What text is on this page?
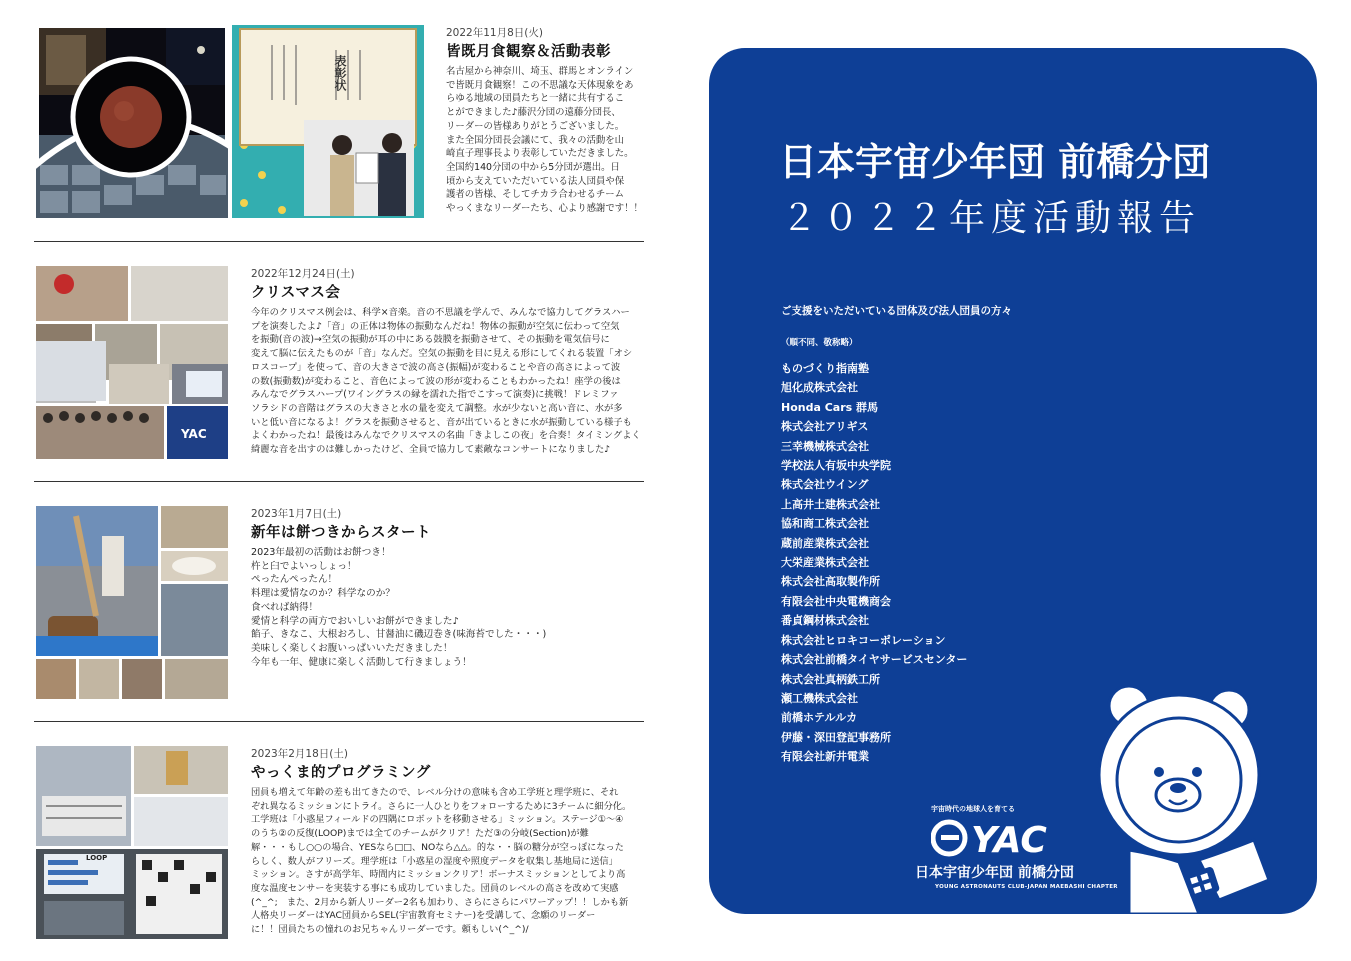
表彰状
2022年11月8日(火)
皆既月食観察＆活動表彰
名古屋から神奈川、埼玉、群馬とオンライン
で皆既月食観察！この不思議な天体現象をあ
らゆる地域の団員たちと一緒に共有するこ
とができました♪藤沢分団の遠藤分団長、
リーダーの皆様ありがとうございました。
また全国分団長会議にて、我々の活動を山
崎直子理事長より表彰していただきました。
全国約140分団の中から5分団が選出。日
頃から支えていただいている法人団員や保
護者の皆様、そしてチカラ合わせるチーム
やっくまなリーダーたち、心より感謝です！！
YAC
2022年12月24日(土)
クリスマス会
今年のクリスマス例会は、科学×音楽。音の不思議を学んで、みんなで協力してグラスハー
プを演奏したよ♪「音」の正体は物体の振動なんだね！物体の振動が空気に伝わって空気
を振動(音の波)→空気の振動が耳の中にある鼓膜を振動させて、その振動を電気信号に
変えて脳に伝えたものが「音」なんだ。空気の振動を目に見える形にしてくれる装置「オシ
ロスコープ」を使って、音の大きさで波の高さ(振幅)が変わることや音の高さによって波
の数(振動数)が変わること、音色によって波の形が変わることもわかったね！座学の後は
みんなでグラスハープ(ワイングラスの縁を濡れた指でこすって演奏)に挑戦！ドレミファ
ソラシドの音階はグラスの大きさと水の量を変えて調整。水が少ないと高い音に、水が多
いと低い音になるよ！グラスを振動させると、音が出ているときに水が振動している様子も
よくわかったね！最後はみんなでクリスマスの名曲「きよしこの夜」を合奏！タイミングよく
綺麗な音を出すのは難しかったけど、全員で協力して素敵なコンサートになりました♪
2023年1月7日(土)
新年は餅つきからスタート
2023年最初の活動はお餅つき！
杵と臼でよいっしょっ！
ぺったんぺったん！
料理は愛情なのか？科学なのか？
食べれば納得！
愛情と科学の両方でおいしいお餅ができました♪
餡子、きなこ、大根おろし、甘醤油に磯辺巻き(味海苔でした・・・)
美味しく楽しくお腹いっぱいいただきました！
今年も一年、健康に楽しく活動して行きましょう！
LOOP
2023年2月18日(土)
やっくま的プログラミング
団員も増えて年齢の差も出てきたので、レベル分けの意味も含め工学班と理学班に、それ
ぞれ異なるミッションにトライ。さらに一人ひとりをフォローするために3チームに細分化。
工学班は「小惑星フィールドの四隅にロボットを移動させる」ミッション。ステージ①～④
のうち②の反復(LOOP)までは全てのチームがクリア！ただ③の分岐(Section)が難
解・・・もし○○の場合、YESなら□□、NOなら△△。的な・・脳の糖分が空っぽになった
らしく、数人がフリーズ。理学班は「小惑星の湿度や照度データを収集し基地局に送信」
ミッション。さすが高学年、時間内にミッションクリア！ボーナスミッションとしてより高
度な温度センサーを実装する事にも成功していました。団員のレベルの高さを改めて実感
(^_^;　また、2月から新人リーダー2名も加わり、さらにさらにパワーアップ！！しかも新
人格央リーダーはYAC団員からSEL(宇宙教育セミナー)を受講して、念願のリーダー
に！！団員たちの憧れのお兄ちゃんリーダーです。頼もしい(^_^)/
日本宇宙少年団 前橋分団
２０２２年度活動報告
ご支援をいただいている団体及び法人団員の方々
（順不同、敬称略）
ものづくり指南塾
旭化成株式会社
Honda Cars 群馬
株式会社アリギス
三幸機械株式会社
学校法人有坂中央学院
株式会社ウイング
上高井土建株式会社
協和商工株式会社
蔵前産業株式会社
大栄産業株式会社
株式会社高取製作所
有限会社中央電機商会
番貞鋼材株式会社
株式会社ヒロキコーポレーション
株式会社前橋タイヤサービスセンター
株式会社真柄鉄工所
瀬工機株式会社
前橋ホテルルカ
伊藤・深田登記事務所
有限会社新井電業
宇宙時代の地球人を育てる
YAC
日本宇宙少年団 前橋分団
YOUNG ASTRONAUTS CLUB-JAPAN MAEBASHI CHAPTER
